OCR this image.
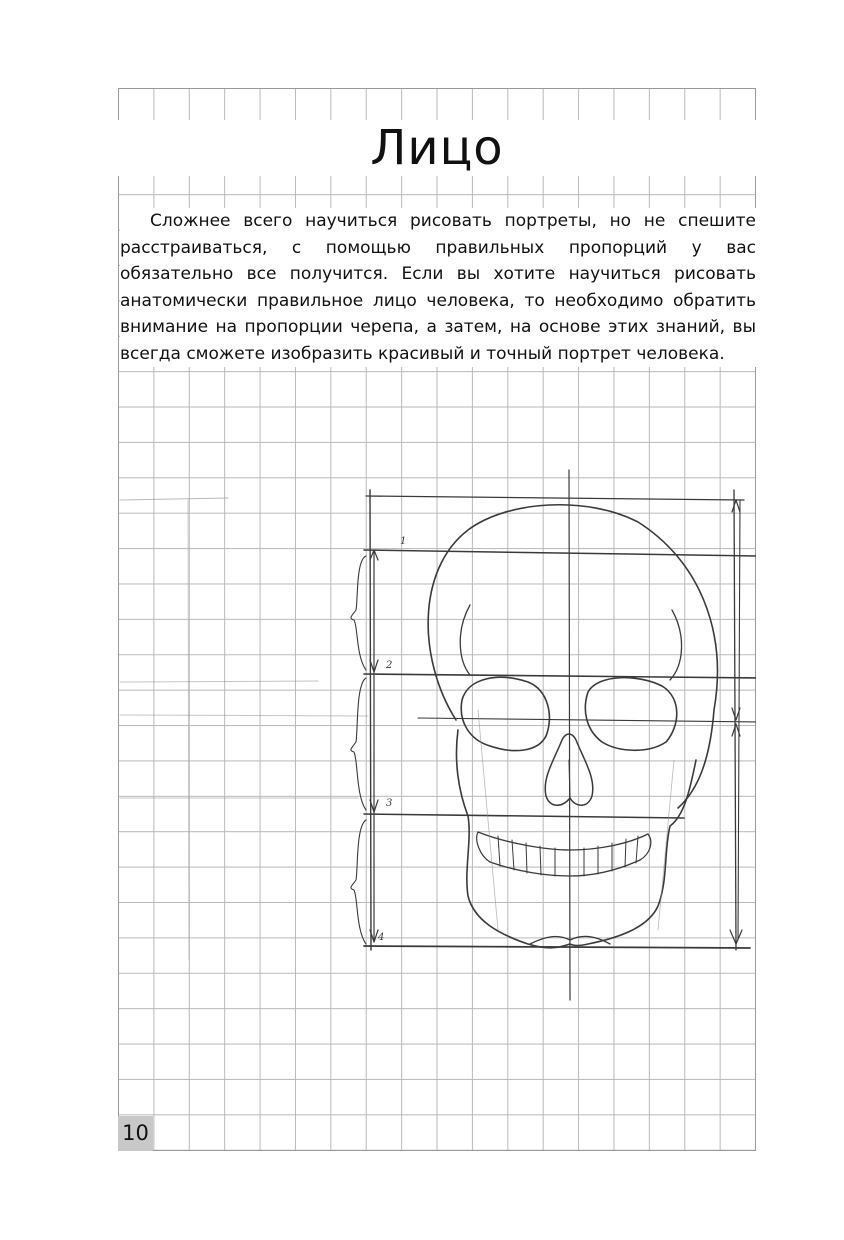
Лицо

Сложнее всего научиться рисовать портреты, но не спешите расстраиваться, с помощью правильных пропорций у вас обязательно все получится. Если вы хотите научиться рисовать анатомически правильное лицо человека, то необходимо обратить внимание на пропорции черепа, а затем, на основе этих знаний, вы всегда сможете изобразить красивый и точный портрет человека.

1
2
3
4
10
